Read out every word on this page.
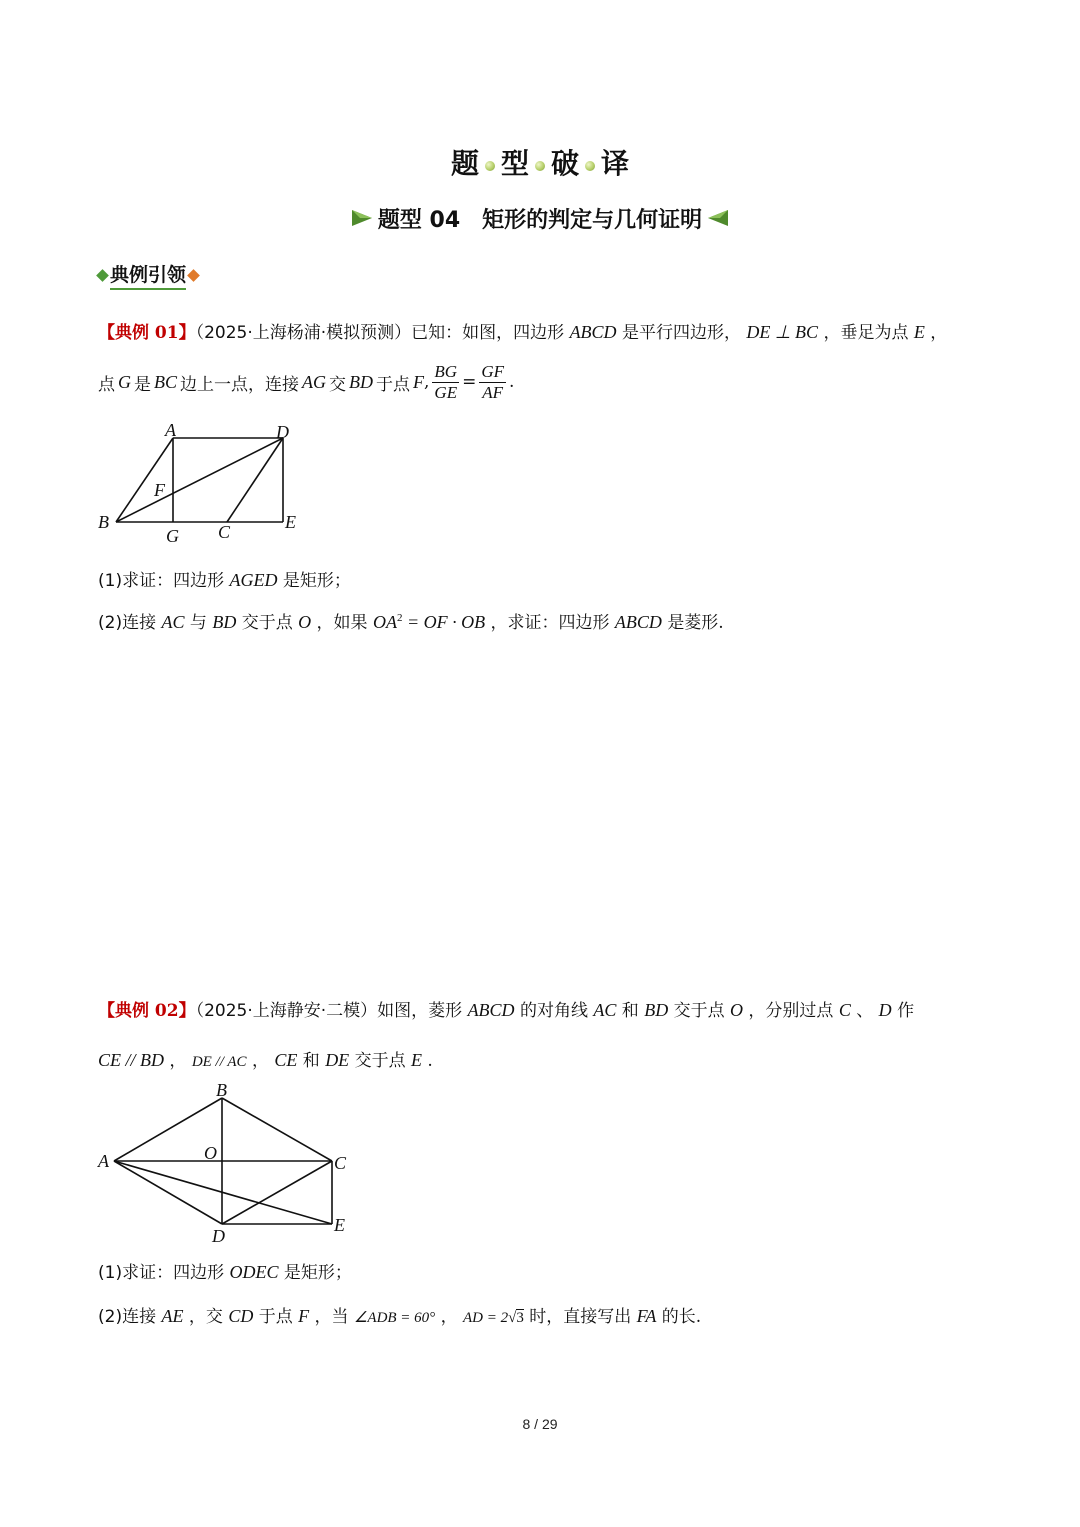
题 型 破 译
题型 04　矩形的判定与几何证明
典例引领
【典例 01】（2025·上海杨浦·模拟预测）已知：如图，四边形 ABCD 是平行四边形， DE ⊥ BC ，垂足为点 E ，
点 G 是 BC 边上一点，连接 AG 交 BD 于点 F , $\frac{BG}{GE} = \frac{GF}{AF}$ .
A	D
F
B
G C	E
(1)求证：四边形 AGED 是矩形；
(2)连接 AC 与 BD 交于点 O ，如果 $OA^2$ = OF · OB ，求证：四边形 ABCD 是菱形.
【典例 02】（2025·上海静安·二模）如图，菱形 ABCD 的对角线 AC 和 BD 交于点 O ，分别过点 C 、 D 作
CE // BD ， DE // AC ， CE 和 DE 交于点 E .
B
A	O	C
D
E
(1)求证：四边形 ODEC 是矩形；
(2)连接 AE ，交 CD 于点 F ，当 ∠ADB = 60° ， AD = 2√3 时，直接写出 FA 的长.
8 / 29
